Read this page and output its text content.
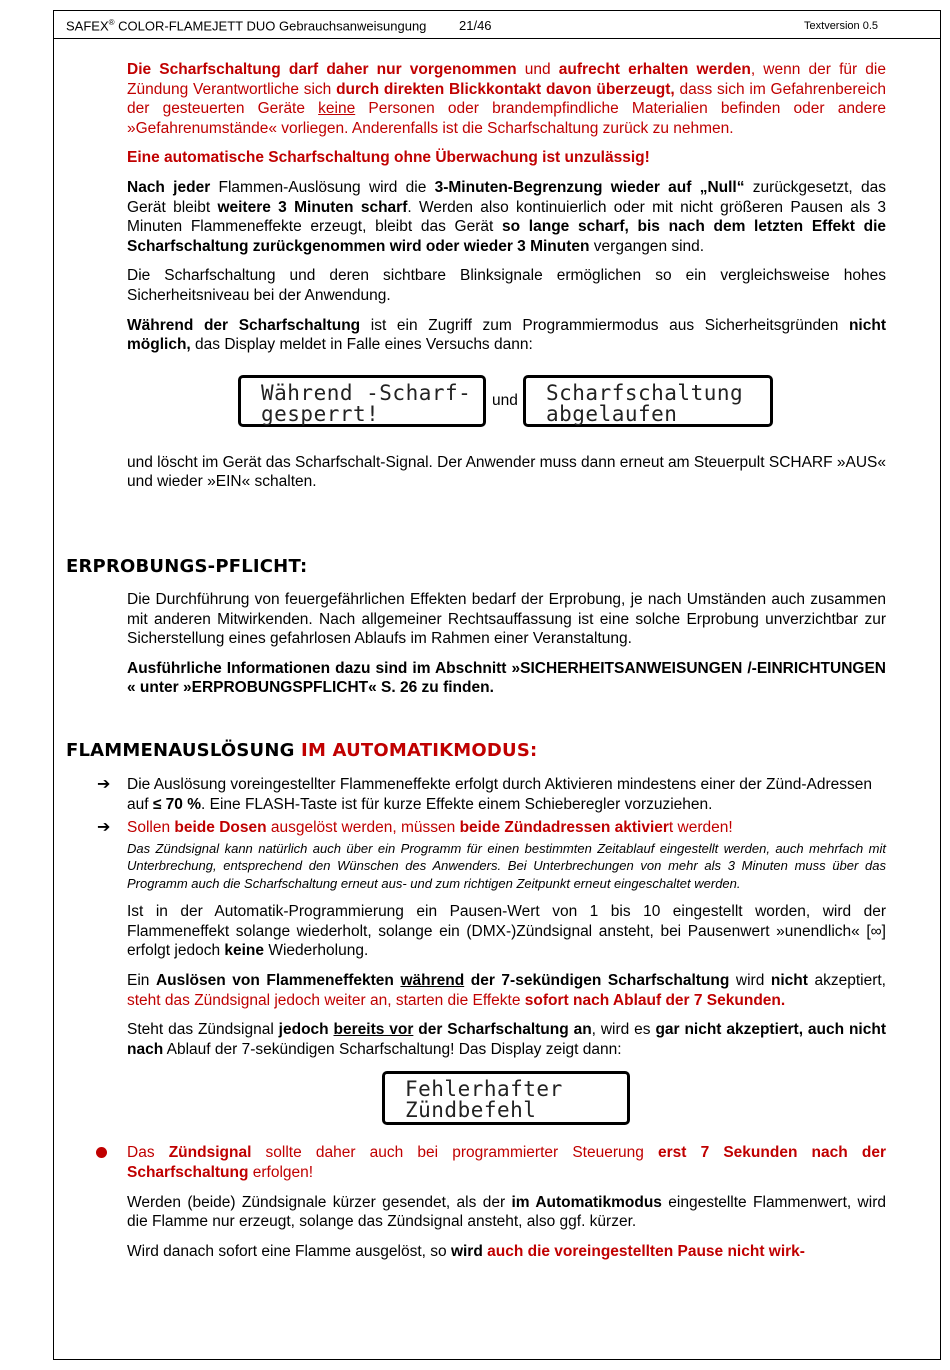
SAFEX® COLOR-FLAMEJETT DUO Gebrauchsanweisungung	21/46	Textversion 0.5

Die Scharfschaltung darf daher nur vorgenommen und aufrecht erhalten werden, wenn der für die Zündung Verantwortliche sich durch direkten Blickkontakt davon überzeugt, dass sich im Gefahrenbereich der gesteuerten Geräte keine Personen oder brandempfindliche Materialien befinden oder andere »Gefahrenumstände« vorliegen. Anderenfalls ist die Scharfschaltung zurück zu nehmen.

Eine automatische Scharfschaltung ohne Überwachung ist unzulässig!

Nach jeder Flammen-Auslösung wird die 3-Minuten-Begrenzung wieder auf „Null“ zurückgesetzt, das Gerät bleibt weitere 3 Minuten scharf. Werden also kontinuierlich oder mit nicht größeren Pausen als 3 Minuten Flammeneffekte erzeugt, bleibt das Gerät so lange scharf, bis nach dem letzten Effekt die Scharfschaltung zurückgenommen wird oder wieder 3 Minuten vergangen sind.

Die Scharfschaltung und deren sichtbare Blinksignale ermöglichen so ein vergleichsweise hohes Sicherheitsniveau bei der Anwendung.

Während der Scharfschaltung ist ein Zugriff zum Programmiermodus aus Sicherheitsgründen nicht möglich, das Display meldet in Falle eines Versuchs dann:

Während -Scharf-
gesperrt!
und Scharfschaltung
abgelaufen

und löscht im Gerät das Scharfschalt-Signal. Der Anwender muss dann erneut am Steuerpult SCHARF »AUS« und wieder »EIN« schalten.

ERPROBUNGS-PFLICHT:

Die Durchführung von feuergefährlichen Effekten bedarf der Erprobung, je nach Umständen auch zusammen mit anderen Mitwirkenden. Nach allgemeiner Rechtsauffassung ist eine solche Erprobung unverzichtbar zur Sicherstellung eines gefahrlosen Ablaufs im Rahmen einer Veranstaltung.

Ausführliche Informationen dazu sind im Abschnitt »SICHERHEITSANWEISUNGEN /-EINRICHTUNGEN « unter »ERPROBUNGSPFLICHT« S. 26 zu finden.

FLAMMENAUSLÖSUNG IM AUTOMATIKMODUS:
➔ Die Auslösung voreingestellter Flammeneffekte erfolgt durch Aktivieren mindestens einer der Zünd-Adressen auf ≤ 70 %. Eine FLASH-Taste ist für kurze Effekte einem Schieberegler vorzuziehen.

➔ Sollen beide Dosen ausgelöst werden, müssen beide Zündadressen aktiviert werden!

Das Zündsignal kann natürlich auch über ein Programm für einen bestimmten Zeitablauf eingestellt werden, auch mehrfach mit Unterbrechung, entsprechend den Wünschen des Anwenders. Bei Unterbrechungen von mehr als 3 Minuten muss über das Programm auch die Scharfschaltung erneut aus- und zum richtigen Zeitpunkt erneut eingeschaltet werden.

Ist in der Automatik-Programmierung ein Pausen-Wert von 1 bis 10 eingestellt worden, wird der Flammeneffekt solange wiederholt, solange ein (DMX-)Zündsignal ansteht, bei Pausenwert »unendlich« [∞] erfolgt jedoch keine Wiederholung.

Ein Auslösen von Flammeneffekten während der 7-sekündigen Scharfschaltung wird nicht akzeptiert, steht das Zündsignal jedoch weiter an, starten die Effekte sofort nach Ablauf der 7 Sekunden.

Steht das Zündsignal jedoch bereits vor der Scharfschaltung an, wird es gar nicht akzeptiert, auch nicht nach Ablauf der 7-sekündigen Scharfschaltung! Das Display zeigt dann:

Fehlerhafter
Zündbefehl

Das Zündsignal sollte daher auch bei programmierter Steuerung erst 7 Sekunden nach der Scharfschaltung erfolgen!

Werden (beide) Zündsignale kürzer gesendet, als der im Automatikmodus eingestellte Flammenwert, wird die Flamme nur erzeugt, solange das Zündsignal ansteht, also ggf. kürzer.

Wird danach sofort eine Flamme ausgelöst, so wird auch die voreingestellten Pause nicht wirk-
